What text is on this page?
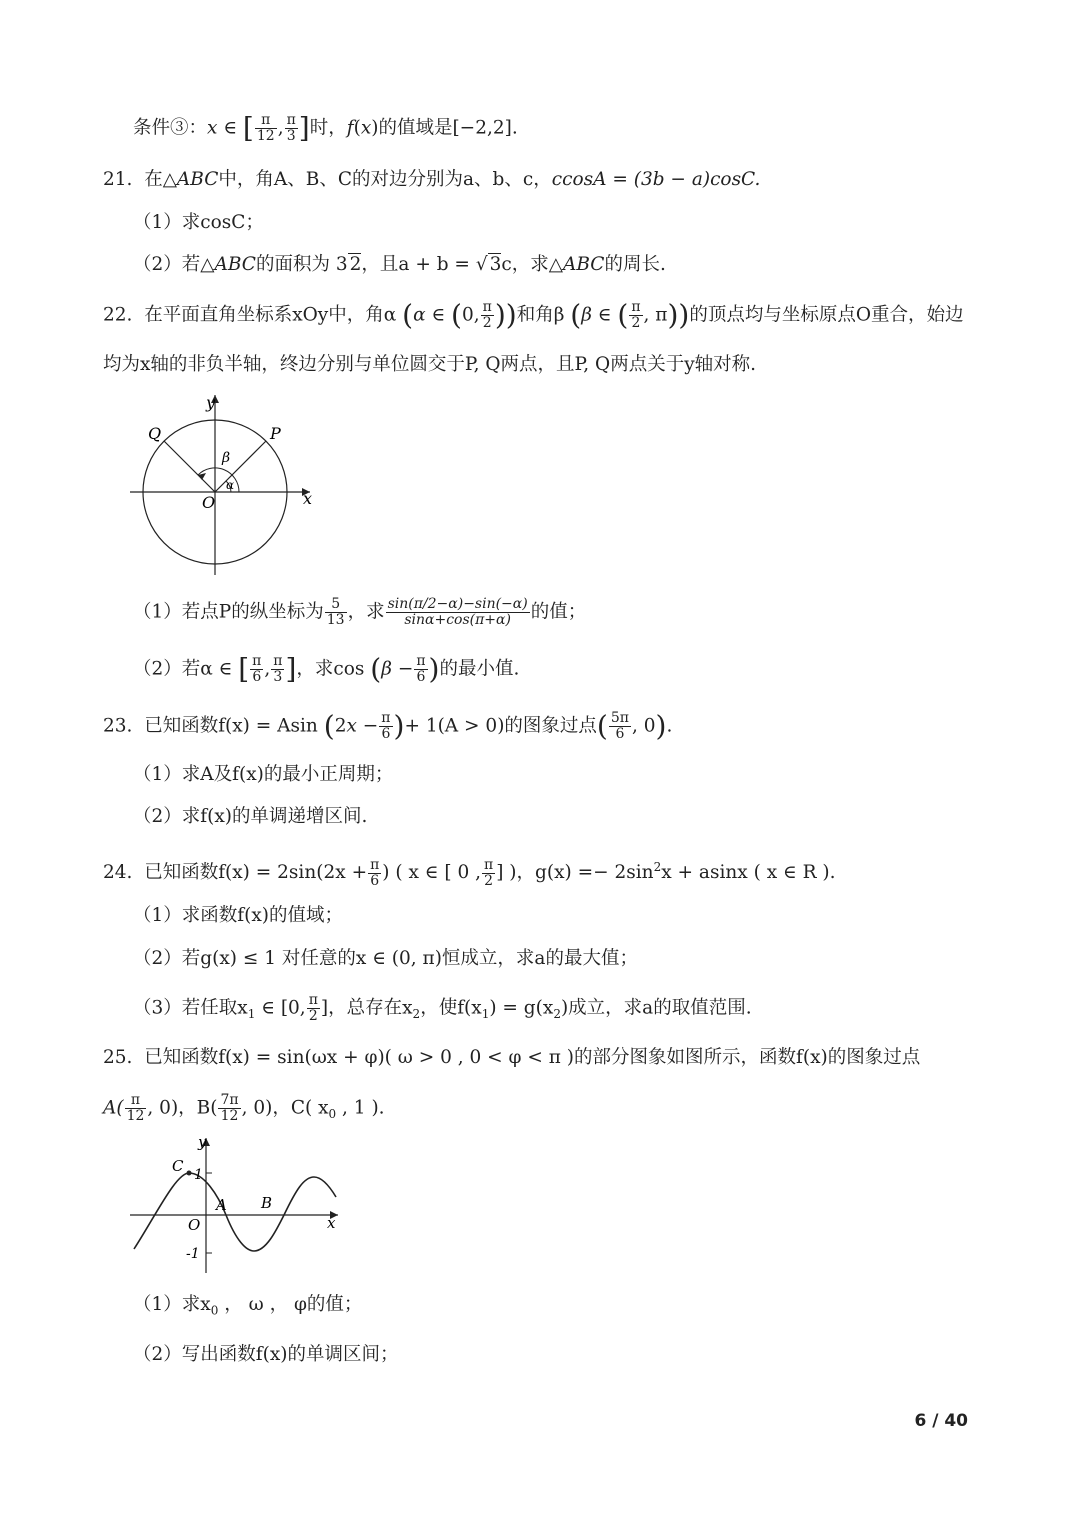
条件③：x ∈ [ $\frac{\pi}{12}$ , $\frac{\pi}{3}$ ]时，f(x)的值域是[−2,2].
21. 在△ABC中，角A、B、C的对边分别为a、b、c，ccosA = (3b − a)cosC.
（1）求cosC；
（2）若△ABC的面积为 3 2，且a + b = √ 3c，求△ABC的周长.
22. 在平面直角坐标系xOy中，角α (α ∈ (0, $\frac{\pi}{2}$ ))和角β (β ∈ ( $\frac{\pi}{2}$ , π))的顶点均与坐标原点O重合，始边
均为x轴的非负半轴，终边分别与单位圆交于P, Q两点，且P, Q两点关于y轴对称.
y
x
O
P
Q
β
α
（1）若点P的纵坐标为 $\frac{5}{13}$ ，求 $\frac{\sin(\pi/2-\alpha)-\sin(-\alpha)}{\sin\alpha+\cos(\pi+\alpha)}$ 的值；
（2）若α ∈ [ $\frac{\pi}{6}$ , $\frac{\pi}{3}$ ]，求$\cos (\beta - \frac{\pi}{6}$ )的最小值.
23. 已知函数f(x) = Asin ($2x - \frac{\pi}{6}$ )+ 1(A > 0)的图象过点( $\frac{5\pi}{6}$ , 0).
（1）求A及f(x)的最小正周期；
（2）求f(x)的单调递增区间.
24. 已知函数$f(x) = 2\sin(2x + \frac{\pi}{6}$ ) ( x ∈ [ 0 , $\frac{\pi}{2}$ ] )，$g(x) =- 2\sin^2x + asinx$ ( x ∈ R ).
（1）求函数f(x)的值域；
（2）若g(x) ≤ 1 对任意的x ∈ (0, π)恒成立，求a的最大值；
（3）若任取$x_1$ ∈ [0, $\frac{\pi}{2}$ ]，总存在$x_2$，使$f(x_1) = g(x_2)$成立，求a的取值范围.
25. 已知函数f(x) = sin(ωx + φ)( ω > 0 , 0 < φ < π )的部分图象如图所示，函数f(x)的图象过点
$A( \frac{\pi}{12}$ , 0)，$B( \frac{7\pi}{12}$ , 0)，C( $x_0$ , 1 ).
x
y
O
C
A B
1
-1
（1）求$x_0$ ， ω ， φ的值；
（2）写出函数f(x)的单调区间；
6 / 40
